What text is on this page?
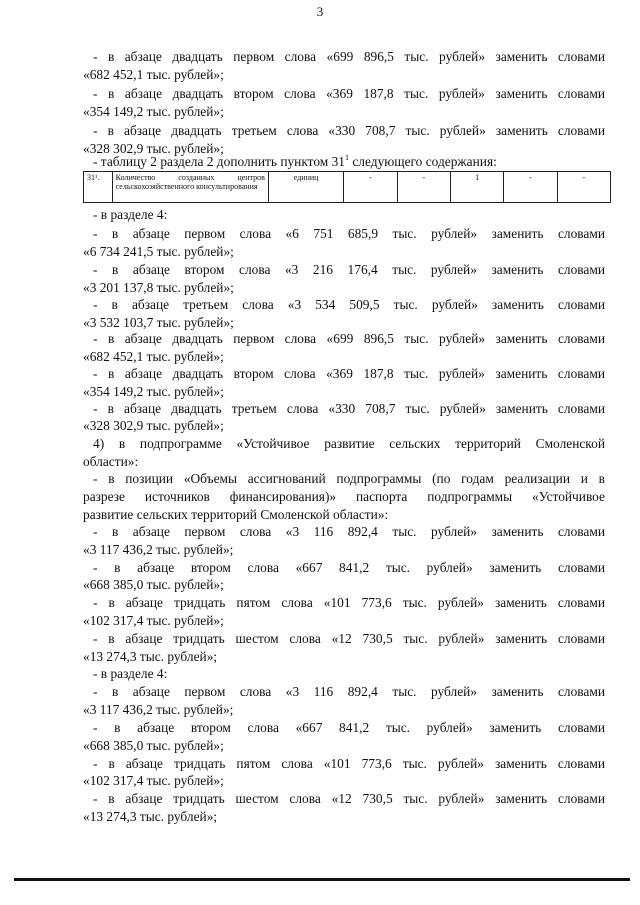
3
- в абзаце двадцать первом слова «699 896,5 тыс. рублей» заменить словами
«682 452,1 тыс. рублей»;
- в абзаце двадцать втором слова «369 187,8 тыс. рублей» заменить словами
«354 149,2 тыс. рублей»;
- в абзаце двадцать третьем слова «330 708,7 тыс. рублей» заменить словами
«328 302,9 тыс. рублей»;
- таблицу 2 раздела 2 дополнить пунктом $31^1$ следующего содержания:
31¹.	Количество созданных центров сельскохозяйственного консультирования	единиц	-	-	1	-	-
- в разделе 4:
- в абзаце первом слова «6 751 685,9 тыс. рублей» заменить словами
«6 734 241,5 тыс. рублей»;
- в абзаце втором слова «3 216 176,4 тыс. рублей» заменить словами
«3 201 137,8 тыс. рублей»;
- в абзаце третьем слова «3 534 509,5 тыс. рублей» заменить словами
«3 532 103,7 тыс. рублей»;
- в абзаце двадцать первом слова «699 896,5 тыс. рублей» заменить словами
«682 452,1 тыс. рублей»;
- в абзаце двадцать втором слова «369 187,8 тыс. рублей» заменить словами
«354 149,2 тыс. рублей»;
- в абзаце двадцать третьем слова «330 708,7 тыс. рублей» заменить словами
«328 302,9 тыс. рублей»;
4) в подпрограмме «Устойчивое развитие сельских территорий Смоленской
области»:
- в позиции «Объемы ассигнований подпрограммы (по годам реализации и в
разрезе источников финансирования)» паспорта подпрограммы «Устойчивое
развитие сельских территорий Смоленской области»:
- в абзаце первом слова «3 116 892,4 тыс. рублей» заменить словами
«3 117 436,2 тыс. рублей»;
- в абзаце втором слова «667 841,2 тыс. рублей» заменить словами
«668 385,0 тыс. рублей»;
- в абзаце тридцать пятом слова «101 773,6 тыс. рублей» заменить словами
«102 317,4 тыс. рублей»;
- в абзаце тридцать шестом слова «12 730,5 тыс. рублей» заменить словами
«13 274,3 тыс. рублей»;
- в разделе 4:
- в абзаце первом слова «3 116 892,4 тыс. рублей» заменить словами
«3 117 436,2 тыс. рублей»;
- в абзаце втором слова «667 841,2 тыс. рублей» заменить словами
«668 385,0 тыс. рублей»;
- в абзаце тридцать пятом слова «101 773,6 тыс. рублей» заменить словами
«102 317,4 тыс. рублей»;
- в абзаце тридцать шестом слова «12 730,5 тыс. рублей» заменить словами
«13 274,3 тыс. рублей»;
